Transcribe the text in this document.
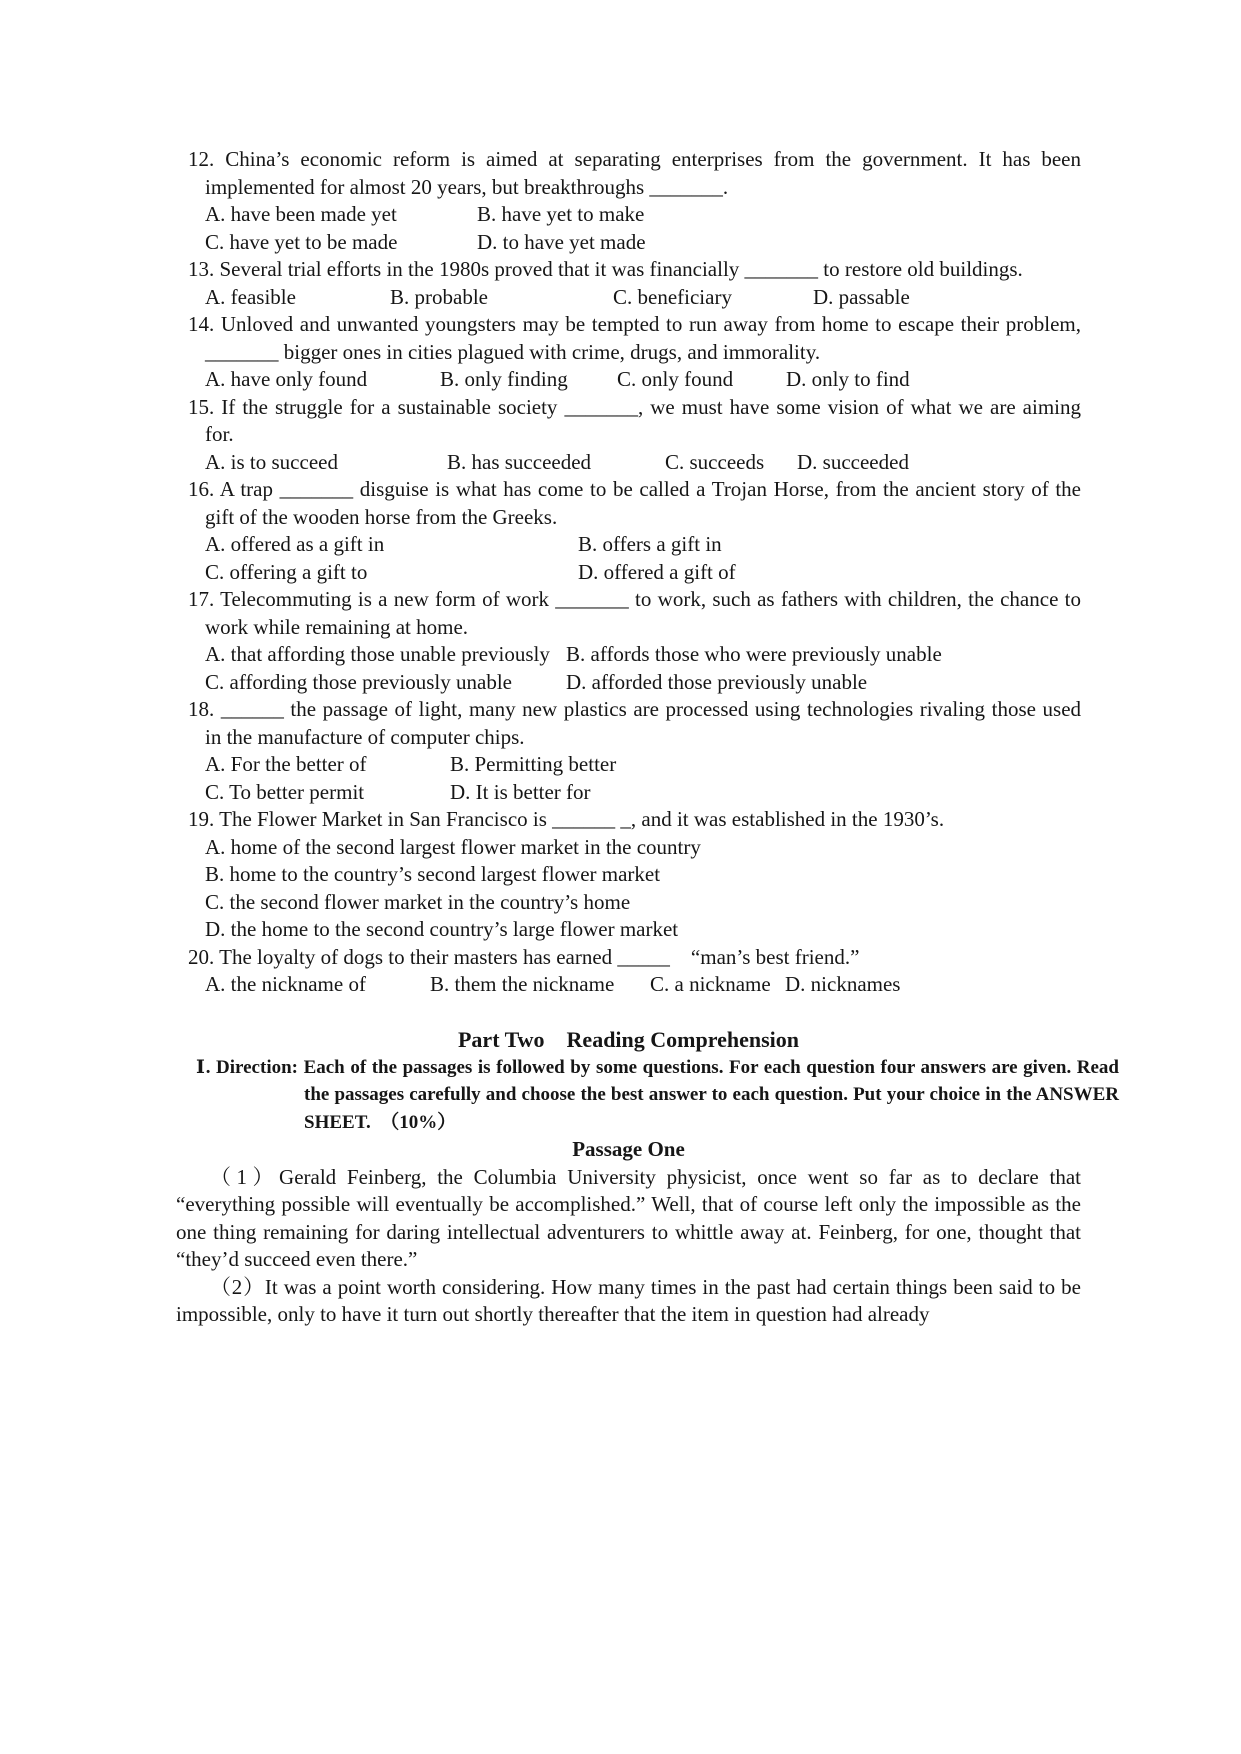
12. China’s economic reform is aimed at separating enterprises from the government. It has been implemented for almost 20 years, but breakthroughs _______.
A. have been made yet	B. have yet to make
C. have yet to be made	D. to have yet made
13. Several trial efforts in the 1980s proved that it was financially _______ to restore old buildings.
A. feasible	B. probable	C. beneficiary	D. passable
14. Unloved and unwanted youngsters may be tempted to run away from home to escape their problem, _______ bigger ones in cities plagued with crime, drugs, and immorality.
A. have only found	B. only finding	C. only found	D. only to find
15. If the struggle for a sustainable society _______, we must have some vision of what we are aiming for.
A. is to succeed	B. has succeeded	C. succeeds	D. succeeded
16. A trap _______ disguise is what has come to be called a Trojan Horse, from the ancient story of the gift of the wooden horse from the Greeks.
A. offered as a gift in	B. offers a gift in
C. offering a gift to	D. offered a gift of
17. Telecommuting is a new form of work _______ to work, such as fathers with children, the chance to work while remaining at home.
A. that affording those unable previously B. affords those who were previously unable
C. affording those previously unable	D. afforded those previously unable
18. ______ the passage of light, many new plastics are processed using technologies rivaling those used in the manufacture of computer chips.
A. For the better of	B. Permitting better
C. To better permit	D. It is better for
19. The Flower Market in San Francisco is ______ _, and it was established in the 1930’s.
A. home of the second largest flower market in the country
B. home to the country’s second largest flower market
C. the second flower market in the country’s home
D. the home to the second country’s large flower market
20. The loyalty of dogs to their masters has earned _____　“man’s best friend.”
A. the nickname of	B. them the nickname	C. a nickname D. nicknames
Part Two　Reading Comprehension
Ⅰ. Direction: Each of the passages is followed by some questions. For each question four answers are given. Read the passages carefully and choose the best answer to each question. Put your choice in the ANSWER SHEET.　（10%）
Passage One

（1）Gerald Feinberg, the Columbia University physicist, once went so far as to declare that “everything possible will eventually be accomplished.” Well, that of course left only the impossible as the one thing remaining for daring intellectual adventurers to whittle away at. Feinberg, for one, thought that “they’d succeed even there.”

（2）It was a point worth considering. How many times in the past had certain things been said to be impossible, only to have it turn out shortly thereafter that the item in question had already
